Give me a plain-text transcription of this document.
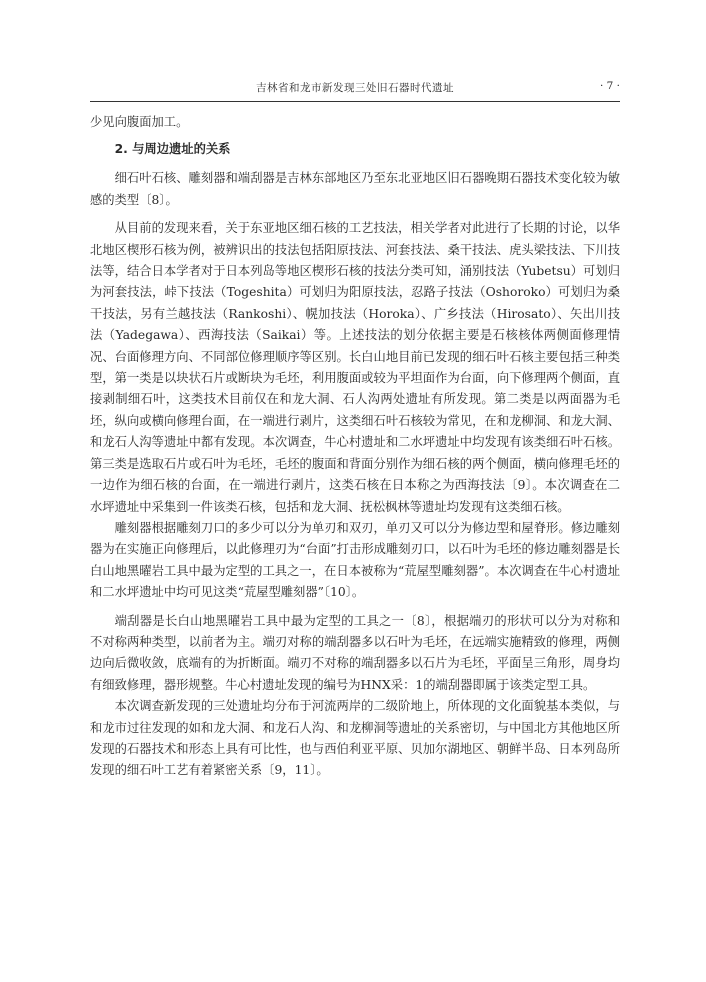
吉林省和龙市新发现三处旧石器时代遗址	· 7 ·

少见向腹面加工。

2. 与周边遗址的关系

细石叶石核、雕刻器和端刮器是吉林东部地区乃至东北亚地区旧石器晚期石器技术变化较为敏感的类型〔8〕。

从目前的发现来看，关于东亚地区细石核的工艺技法，相关学者对此进行了长期的讨论，以华北地区楔形石核为例，被辨识出的技法包括阳原技法、河套技法、桑干技法、虎头梁技法、下川技法等，结合日本学者对于日本列岛等地区楔形石核的技法分类可知，涌别技法（Yubetsu）可划归为河套技法，峠下技法（Togeshita）可划归为阳原技法，忍路子技法（Oshoroko）可划归为桑干技法，另有兰越技法（Rankoshi）、幌加技法（Horoka）、广乡技法（Hirosato）、矢出川技法（Yadegawa）、西海技法（Saikai）等。上述技法的划分依据主要是石核核体两侧面修理情况、台面修理方向、不同部位修理顺序等区别。长白山地目前已发现的细石叶石核主要包括三种类型，第一类是以块状石片或断块为毛坯，利用腹面或较为平坦面作为台面，向下修理两个侧面，直接剥制细石叶，这类技术目前仅在和龙大洞、石人沟两处遗址有所发现。第二类是以两面器为毛坯，纵向或横向修理台面，在一端进行剥片，这类细石叶石核较为常见，在和龙柳洞、和龙大洞、和龙石人沟等遗址中都有发现。本次调查，牛心村遗址和二水坪遗址中均发现有该类细石叶石核。第三类是选取石片或石叶为毛坯，毛坯的腹面和背面分别作为细石核的两个侧面，横向修理毛坯的一边作为细石核的台面，在一端进行剥片，这类石核在日本称之为西海技法〔9〕。本次调查在二水坪遗址中采集到一件该类石核，包括和龙大洞、抚松枫林等遗址均发现有这类细石核。

雕刻器根据雕刻刀口的多少可以分为单刃和双刃，单刃又可以分为修边型和屋脊形。修边雕刻器为在实施正向修理后，以此修理刃为“台面”打击形成雕刻刃口，以石叶为毛坯的修边雕刻器是长白山地黑曜岩工具中最为定型的工具之一，在日本被称为“荒屋型雕刻器”。本次调查在牛心村遗址和二水坪遗址中均可见这类“荒屋型雕刻器”〔10〕。

端刮器是长白山地黑曜岩工具中最为定型的工具之一〔8〕，根据端刃的形状可以分为对称和不对称两种类型，以前者为主。端刃对称的端刮器多以石叶为毛坯，在远端实施精致的修理，两侧边向后微收敛，底端有的为折断面。端刃不对称的端刮器多以石片为毛坯，平面呈三角形，周身均有细致修理，器形规整。牛心村遗址发现的编号为HNX采：1的端刮器即属于该类定型工具。

本次调查新发现的三处遗址均分布于河流两岸的二级阶地上，所体现的文化面貌基本类似，与和龙市过往发现的如和龙大洞、和龙石人沟、和龙柳洞等遗址的关系密切，与中国北方其他地区所发现的石器技术和形态上具有可比性，也与西伯利亚平原、贝加尔湖地区、朝鲜半岛、日本列岛所发现的细石叶工艺有着紧密关系〔9，11〕。
